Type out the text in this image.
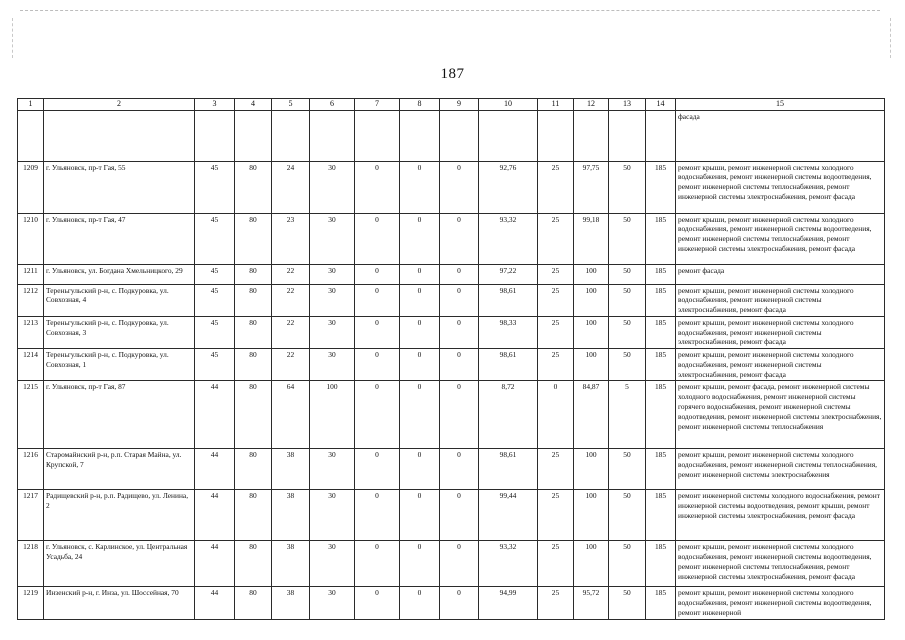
187
1	2	3	4	5	6	7	8	9	10	11	12	13	14	15
														фасада
1209	г. Ульяновск, пр-т Гая, 55	45	80	24	30	0	0	0	92,76	25	97,75	50	185	ремонт крыши, ремонт инженерной системы холодного водоснабжения, ремонт инженерной системы водоотведения, ремонт инженерной системы теплоснабжения, ремонт инженерной системы электроснабжения, ремонт фасада
1210	г. Ульяновск, пр-т Гая, 47	45	80	23	30	0	0	0	93,32	25	99,18	50	185	ремонт крыши, ремонт инженерной системы холодного водоснабжения, ремонт инженерной системы водоотведения, ремонт инженерной системы теплоснабжения, ремонт инженерной системы электроснабжения, ремонт фасада
1211	г. Ульяновск, ул. Богдана Хмельницкого, 29	45	80	22	30	0	0	0	97,22	25	100	50	185	ремонт фасада
1212	Тереньгульский р-н, с. Подкуровка, ул. Совхозная, 4	45	80	22	30	0	0	0	98,61	25	100	50	185	ремонт крыши, ремонт инженерной системы холодного водоснабжения, ремонт инженерной системы электроснабжения, ремонт фасада
1213	Тереньгульский р-н, с. Подкуровка, ул. Совхозная, 3	45	80	22	30	0	0	0	98,33	25	100	50	185	ремонт крыши, ремонт инженерной системы холодного водоснабжения, ремонт инженерной системы электроснабжения, ремонт фасада
1214	Тереньгульский р-н, с. Подкуровка, ул. Совхозная, 1	45	80	22	30	0	0	0	98,61	25	100	50	185	ремонт крыши, ремонт инженерной системы холодного водоснабжения, ремонт инженерной системы электроснабжения, ремонт фасада
1215	г. Ульяновск, пр-т Гая, 87	44	80	64	100	0	0	0	8,72	0	84,87	5	185	ремонт крыши, ремонт фасада, ремонт инженерной системы холодного водоснабжения, ремонт инженерной системы горячего водоснабжения, ремонт инженерной системы водоотведения, ремонт инженерной системы электроснабжения, ремонт инженерной системы теплоснабжения
1216	Старомайнский р-н, р.п. Старая Майна, ул. Крупской, 7	44	80	38	30	0	0	0	98,61	25	100	50	185	ремонт крыши, ремонт инженерной системы холодного водоснабжения, ремонт инженерной системы теплоснабжения, ремонт инженерной системы электроснабжения
1217	Радищевский р-н, р.п. Радищево, ул. Ленина, 2	44	80	38	30	0	0	0	99,44	25	100	50	185	ремонт инженерной системы холодного водоснабжения, ремонт инженерной системы водоотведения, ремонт крыши, ремонт инженерной системы электроснабжения, ремонт фасада
1218	г. Ульяновск, с. Карлинское, ул. Центральная Усадьба, 24	44	80	38	30	0	0	0	93,32	25	100	50	185	ремонт крыши, ремонт инженерной системы холодного водоснабжения, ремонт инженерной системы водоотведения, ремонт инженерной системы теплоснабжения, ремонт инженерной системы электроснабжения, ремонт фасада
1219	Инзенский р-н, г. Инза, ул. Шоссейная, 70	44	80	38	30	0	0	0	94,99	25	95,72	50	185	ремонт крыши, ремонт инженерной системы холодного водоснабжения, ремонт инженерной системы водоотведения, ремонт инженерной
